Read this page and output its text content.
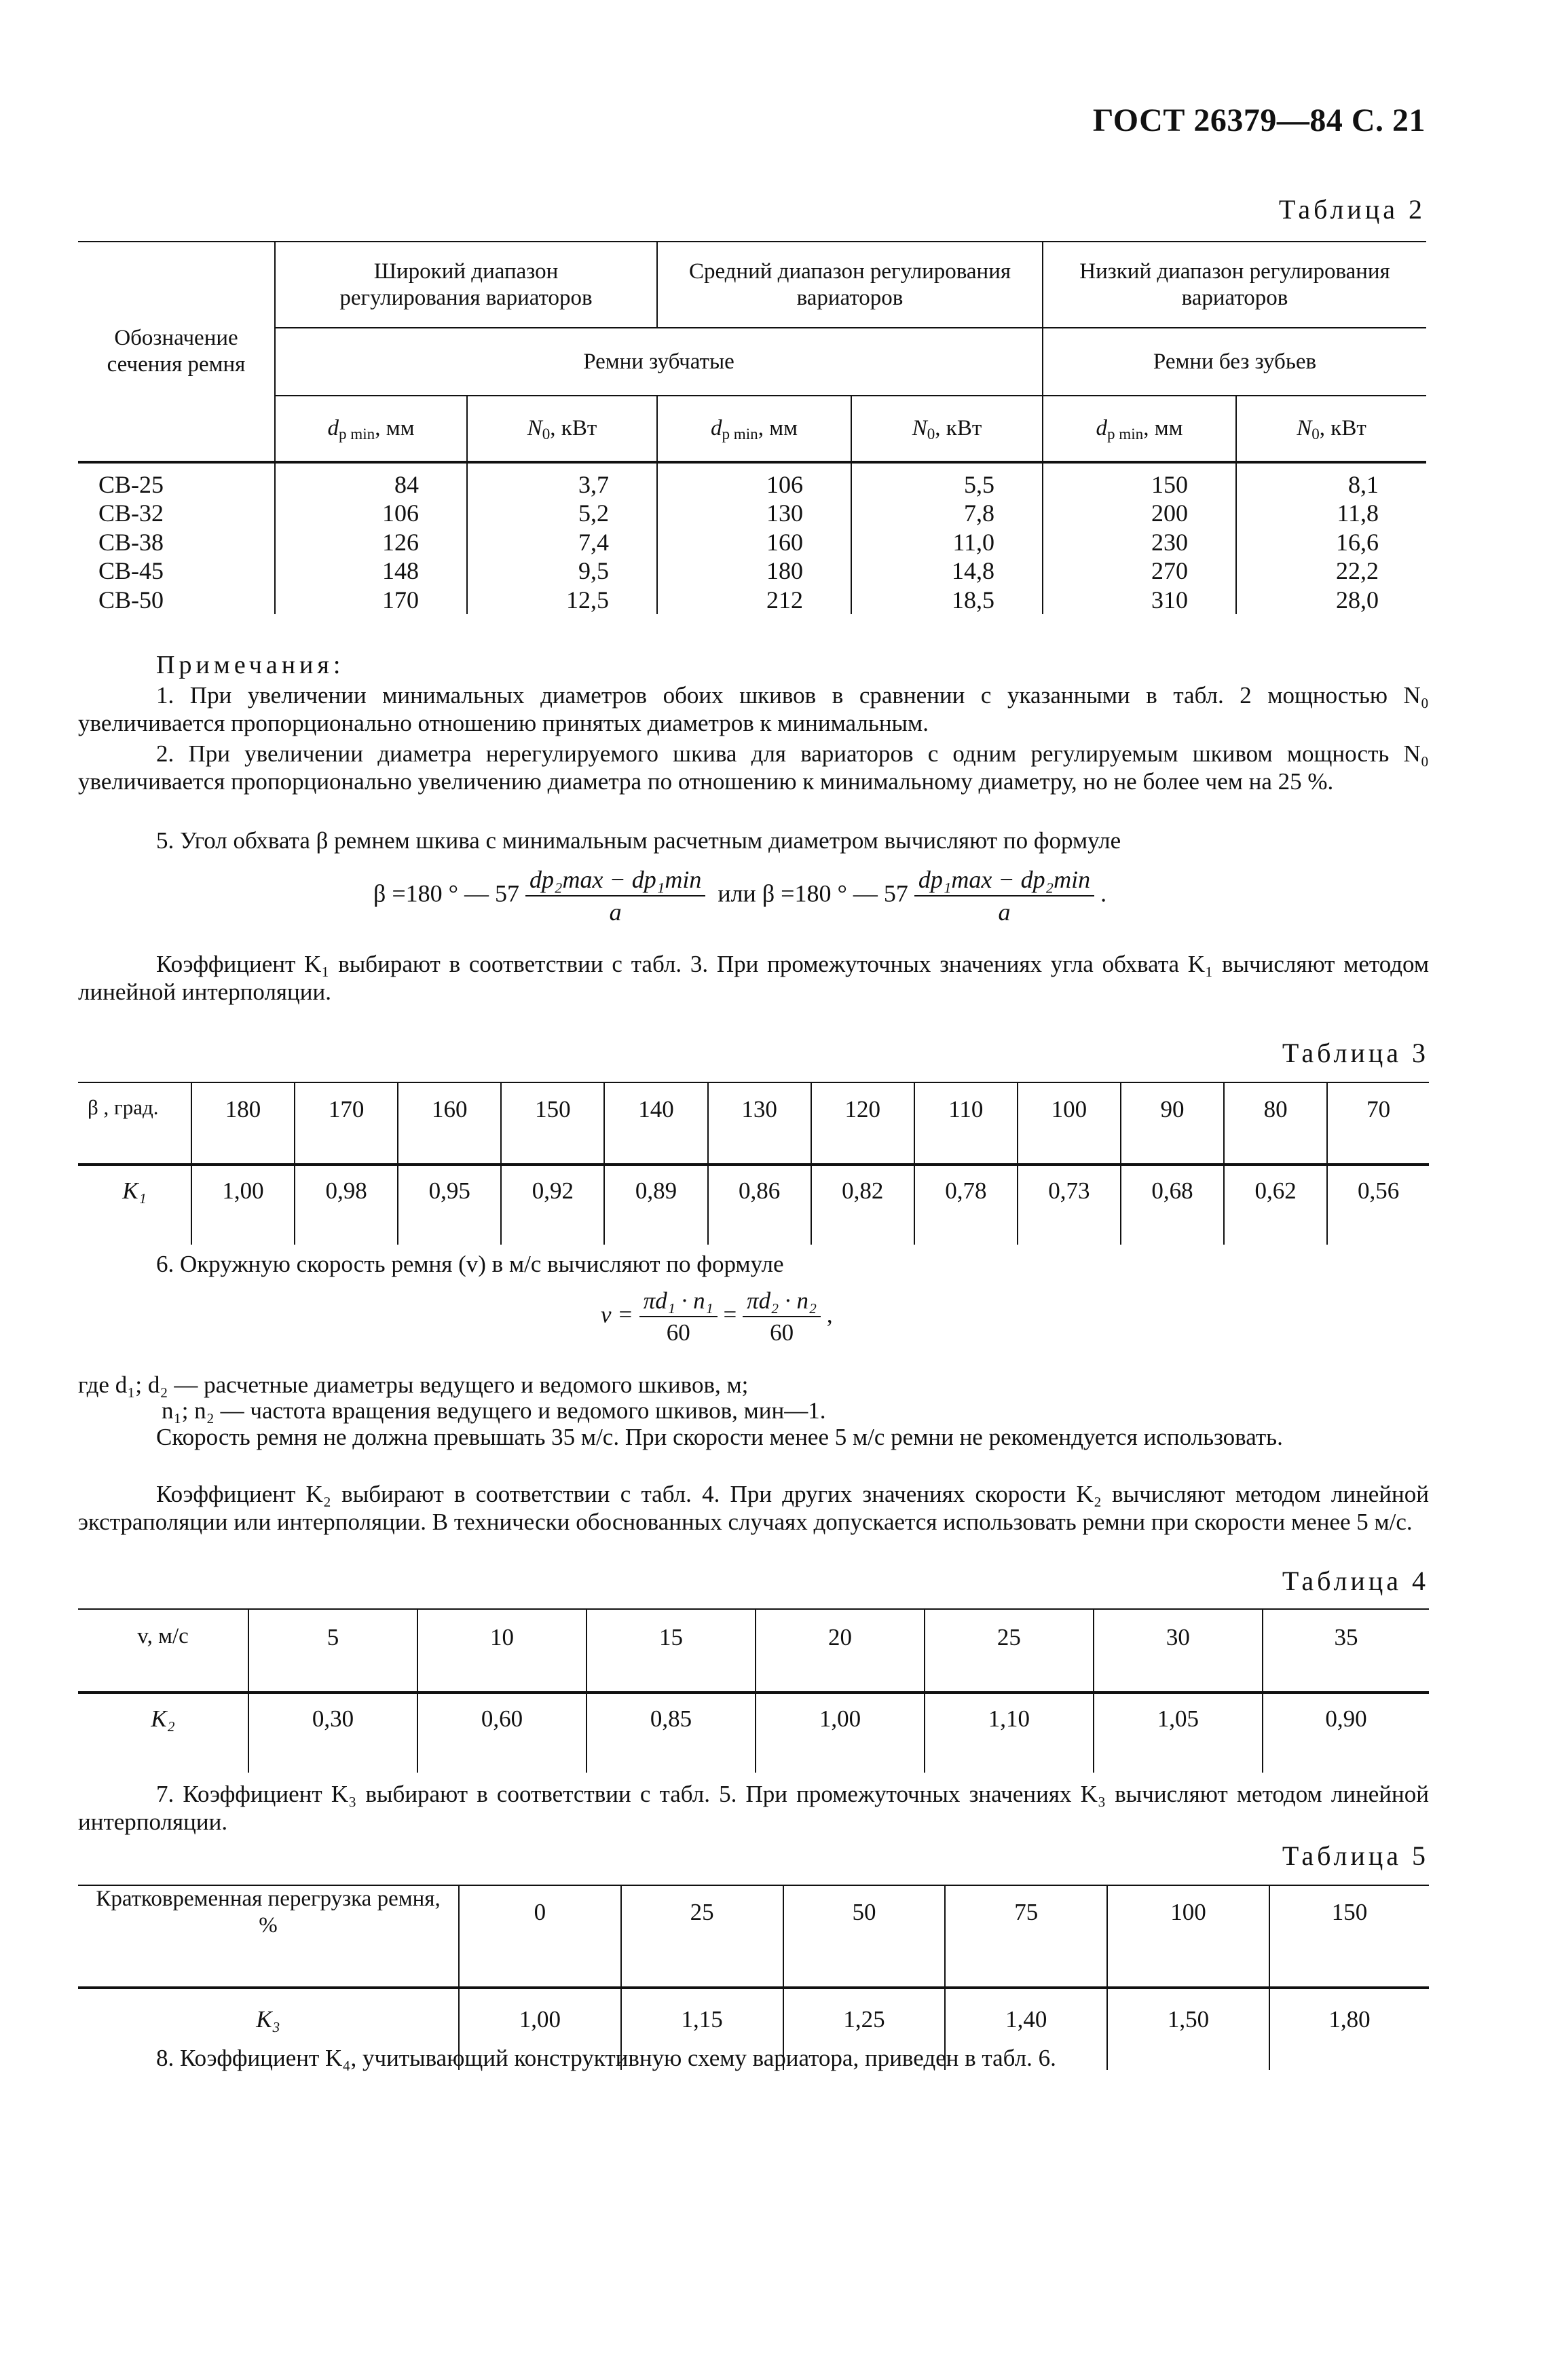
ГОСТ 26379—84 С. 21
Таблица 2
Обозначение сечения ремня	Широкий диапазон регулирования вариаторов		Средний диапазон регулирования вариаторов		Низкий диапазон регулирования вариаторов	
	Ремни зубчатые				Ремни без зубьев	
	$d_{p min}$, мм	$N_0$, кВт	$d_{p min}$, мм	$N_0$, кВт	$d_{p min}$, мм	$N_0$, кВт
СВ-25	84	3,7	106	5,5	150	8,1
СВ-32	106	5,2	130	7,8	200	11,8
СВ-38	126	7,4	160	11,0	230	16,6
СВ-45	148	9,5	180	14,8	270	22,2
СВ-50	170	12,5	212	18,5	310	28,0
Примечания:
1. При увеличении минимальных диаметров обоих шкивов в сравнении с указанными в табл. 2 мощностью N₀ увеличивается пропорционально отношению принятых диаметров к минимальным.
2. При увеличении диаметра нерегулируемого шкива для вариаторов с одним регулируемым шкивом мощность N₀ увеличивается пропорционально увеличению диаметра по отношению к минимальному диаметру, но не более чем на 25 %.
5. Угол обхвата β ремнем шкива с минимальным расчетным диаметром вычисляют по формуле
β =180 ° — $57 \frac{\text{dp₂max − dp₁min}}{a}$ или β =180 ° — $57 \frac{\text{dp₁max − dp₂min}}{a}$ .
Коэффициент K₁ выбирают в соответствии с табл. 3. При промежуточных значениях угла обхвата K₁ вычисляют методом линейной интерполяции.
Таблица 3
β , град.	180	170	160	150	140	130	120	110	100	90	80	70
K₁	1,00	0,98	0,95	0,92	0,89	0,86	0,82	0,78	0,73	0,68	0,62	0,56
6. Окружную скорость ремня (v) в м/с вычисляют по формуле
$v = \frac{\text{πd₁ · n₁}}{60} = \frac{\text{πd₂ · n₂}}{60}$ ,
где d₁; d₂ — расчетные диаметры ведущего и ведомого шкивов, м;
n₁; n₂ — частота вращения ведущего и ведомого шкивов, мин—1.
Скорость ремня не должна превышать 35 м/с. При скорости менее 5 м/с ремни не рекомендуется использовать.
Коэффициент K₂ выбирают в соответствии с табл. 4. При других значениях скорости K₂ вычисляют методом линейной экстраполяции или интерполяции. В технически обоснованных случаях допускается использовать ремни при скорости менее 5 м/с.
Таблица 4
v, м/с	5	10	15	20	25	30	35
K₂	0,30	0,60	0,85	1,00	1,10	1,05	0,90
7. Коэффициент K₃ выбирают в соответствии с табл. 5. При промежуточных значениях K₃ вычисляют методом линейной интерполяции.
Таблица 5
Кратковременная перегрузка ремня, %	0	25	50	75	100	150
K₃	1,00	1,15	1,25	1,40	1,50	1,80
8. Коэффициент K₄, учитывающий конструктивную схему вариатора, приведен в табл. 6.
